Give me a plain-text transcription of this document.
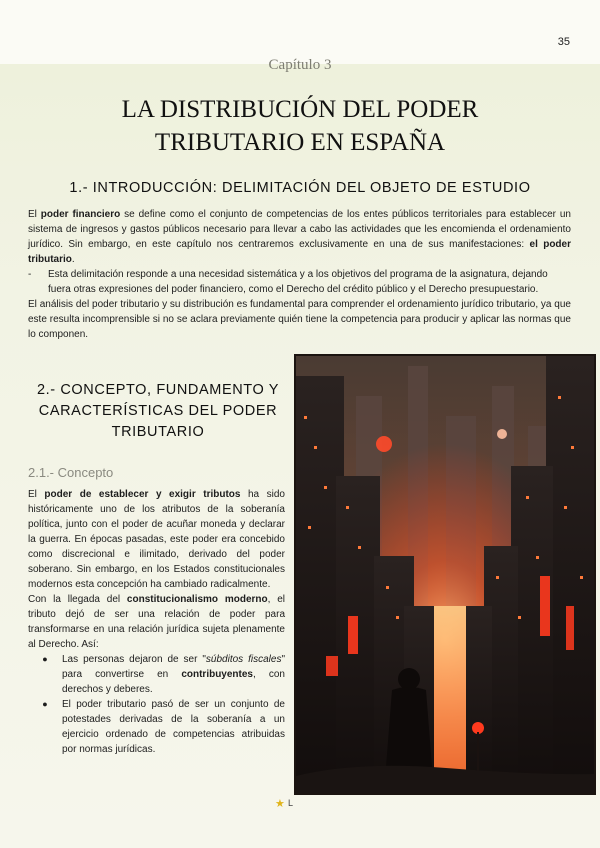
35
Capítulo 3
LA DISTRIBUCIÓN DEL PODER
TRIBUTARIO EN ESPAÑA
1.- INTRODUCCIÓN: DELIMITACIÓN DEL OBJETO DE ESTUDIO

El poder financiero se define como el conjunto de competencias de los entes públicos territoriales para establecer un sistema de ingresos y gastos públicos necesario para llevar a cabo las actividades que les encomienda el ordenamiento jurídico. Sin embargo, en este capítulo nos centraremos exclusivamente en una de sus manifestaciones: el poder tributario.

-	Esta delimitación responde a una necesidad sistemática y a los objetivos del programa de la asignatura, dejando fuera otras expresiones del poder financiero, como el Derecho del crédito público y el Derecho presupuestario.

El análisis del poder tributario y su distribución es fundamental para comprender el ordenamiento jurídico tributario, ya que este resulta incomprensible si no se aclara previamente quién tiene la competencia para producir y aplicar las normas que lo componen.

2.- CONCEPTO, FUNDAMENTO Y
CARACTERÍSTICAS DEL PODER
TRIBUTARIO
2.1.- Concepto

El poder de establecer y exigir tributos ha sido históricamente uno de los atributos de la soberanía política, junto con el poder de acuñar moneda y declarar la guerra. En épocas pasadas, este poder era concebido como discrecional e ilimitado, derivado del poder soberano. Sin embargo, en los Estados constitucionales modernos esta concepción ha cambiado radicalmente.

Con la llegada del constitucionalismo moderno, el tributo dejó de ser una relación de poder para transformarse en una relación jurídica sujeta plenamente al Derecho. Así:

●	Las personas dejaron de ser "súbditos fiscales" para convertirse en contribuyentes, con derechos y deberes.
●	El poder tributario pasó de ser un conjunto de potestades derivadas de la soberanía a un ejercicio ordenado de competencias atribuidas por normas jurídicas.
★ L
